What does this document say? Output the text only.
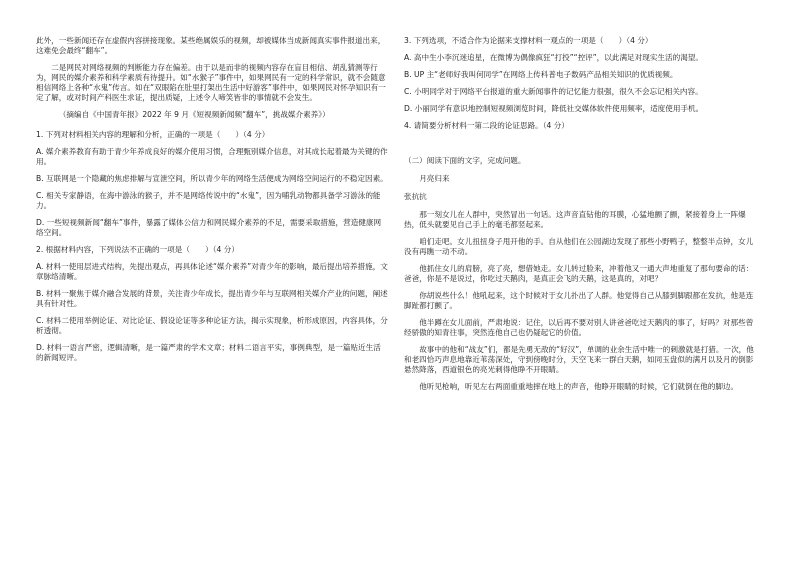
此外，一些新闻还存在虚假内容拼接现象。某些绝属娱乐的视频，却被媒体当成新闻真实事件报道出来，这难免会最终“翻车”。

二是网民对网络视频的判断能力存在偏差。由于以是而非的视频内容存在盲目相信、胡乱猜测等行为，网民的媒介素养和科学素质有待提升。如“水猴子”事件中，如果网民有一定的科学常识，就不会随意相信网络上各种“水鬼”传言。如在“双眼陷在肚里打架出生活中好游客”事件中，如果网民对怀孕知识有一定了解，或对时间产科医生求证，提出质疑，上述令人啼笑皆非的事情就不会发生。

（摘编自《中国青年报》2022 年 9 月《短视频新闻频“翻车”，挑战媒介素养》）

1. 下列对材料相关内容的理解和分析，正确的一项是（　　）（4 分）

A. 媒介素养教育有助于青少年养成良好的媒介使用习惯，合理甄别媒介信息，对其成长起着最为关键的作用。

B. 互联网是一个隐藏的焦虑排解与宣泄空间，所以青少年的网络生活便成为网络空间运行的不稳定因素。

C. 相关专家静语，在海中游泳的猴子，并不是网络传说中的“水鬼”，因为哺乳动物都具备学习游泳的能力。

D. 一些短视频新闻“翻车”事件，暴露了媒体公信力和网民媒介素养的不足，需要采取措施，营造健康网络空间。

2. 根据材料内容，下列说法不正确的一项是（　　）（4 分）

A. 材料一使用层进式结构，先提出观点，再具体论述“媒介素养”对青少年的影响，最后提出培养措施，文章脉络清晰。

B. 材料一聚焦于媒介融合发展的背景，关注青少年成长，提出青少年与互联网相关媒介产业的问题，阐述具有针对性。

C. 材料二使用举例论证、对比论证、假设论证等多种论证方法，揭示实现象，析形成原因，内容具体，分析透彻。

D. 材料一语言严密，逻辑清晰，是一篇严肃的学术文章；材料二语言平实，事例典型，是一篇贴近生活的新闻短评。

3. 下列选项，不适合作为论据来支撑材料一观点的一项是（　　）（4 分）

A. 高中生小李沉迷追星，在微博为偶像疯狂“打投”“控评”，以此满足对现实生活的渴望。

B. UP 主“老师好我叫何同学”在网络上传科普电子数码产品相关知识的优质视频。

C. 小明同学对于网络平台报道的重大新闻事件的记忆能力很强，很久不会忘记相关内容。

D. 小丽同学有意识地控制短视频浏览时间，降低社交媒体软件使用频率，适度使用手机。

4. 请简要分析材料一第二段的论证思路。（4 分）

（二）阅读下面的文字，完成问题。

月亮归来

张抗抗

那一刻女儿在人群中，突然冒出一句话。这声音直钻他的耳膜，心猛地颤了颤，紧接着身上一阵爆热，低头就要见自己手上的毫毛都竖起来。

咱们走吧。女儿扭扭身子甩开他的手。自从他们在公园湖边发现了那些小野鸭子，整整半点钟，女儿没有再瞧一动不动。

他抓住女儿的肩膀，亮了亮，想借她走。女儿转过脸来，冲着他又一通大声地重复了那句要命的话：爸爸，你是不是说过，你吃过天鹅肉，是真正会飞的天鹅，这是真的，对吧？

你胡说些什么！他吼起来，这个时候对于女儿扑出了人群。他觉得自己从膝到脚跟都在发抗，他是连脚趾都打颤了。

他半蹲在女儿面前，严肃地说：记住，以后再不要对别人讲爸爸吃过天鹅肉的事了，好吗？对那些曾经骄傲的知青往事，突然连他自己也仍疑起它的价值。

故事中的他和“战友”们，都是先勇无敌的“好汉”，单调的业余生活中唯一的刺激就是打猎。一次，他和老四恰巧声息地靠近苇荡深处，守到傍晚时分，天空飞来一群白天鹅，如同玉盘似的满月以及月的倒影悬然降落，西道银色的亮光刺得他睁不开眼睛。

他听见枪响，听见左右两面重重地摔在地上的声音，他睁开眼睛的时候，它们就倒在他的脚边。
